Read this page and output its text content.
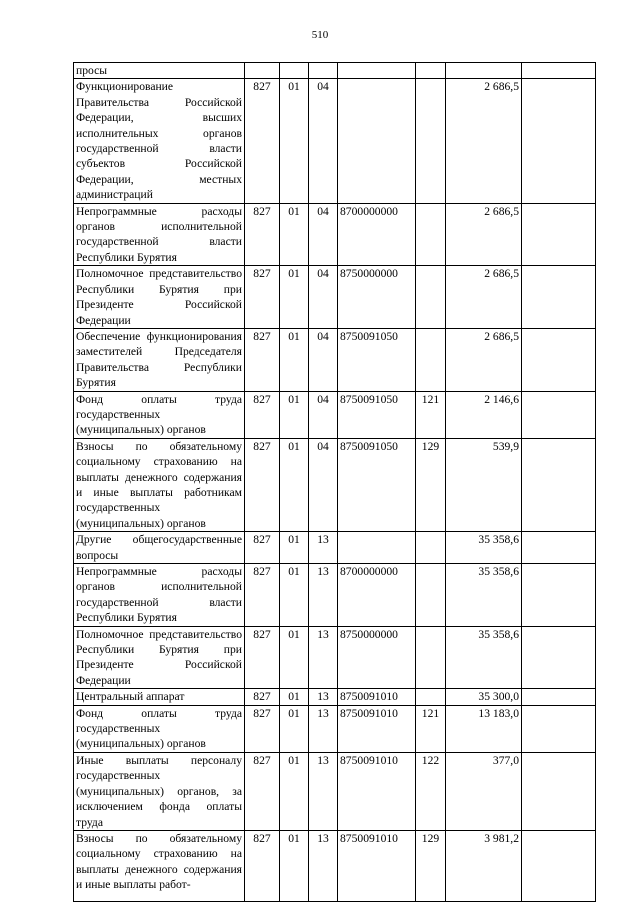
510
просы							
Функционирование Правительства Российской Федерации, высших исполнительных органов государственной власти субъектов Российской Федерации, местных администраций	827	01	04			2 686,5	
Непрограммные расходы органов исполнительной государственной власти Республики Бурятия	827	01	04	8700000000		2 686,5	
Полномочное представительство Республики Бурятия при Президенте Российской Федерации	827	01	04	8750000000		2 686,5	
Обеспечение функционирования заместителей Председателя Правительства Республики Бурятия	827	01	04	8750091050		2 686,5	
Фонд оплаты труда государственных (муниципальных) органов	827	01	04	8750091050	121	2 146,6	
Взносы по обязательному социальному страхованию на выплаты денежного содержания и иные выплаты работникам государственных (муниципальных) органов	827	01	04	8750091050	129	539,9	
Другие общегосударственные вопросы	827	01	13			35 358,6	
Непрограммные расходы органов исполнительной государственной власти Республики Бурятия	827	01	13	8700000000		35 358,6	
Полномочное представительство Республики Бурятия при Президенте Российской Федерации	827	01	13	8750000000		35 358,6	
Центральный аппарат	827	01	13	8750091010		35 300,0	
Фонд оплаты труда государственных (муниципальных) органов	827	01	13	8750091010	121	13 183,0	
Иные выплаты персоналу государственных (муниципальных) органов, за исключением фонда оплаты труда	827	01	13	8750091010	122	377,0	
Взносы по обязательному социальному страхованию на выплаты денежного содержания и иные выплаты работ-	827	01	13	8750091010	129	3 981,2	
